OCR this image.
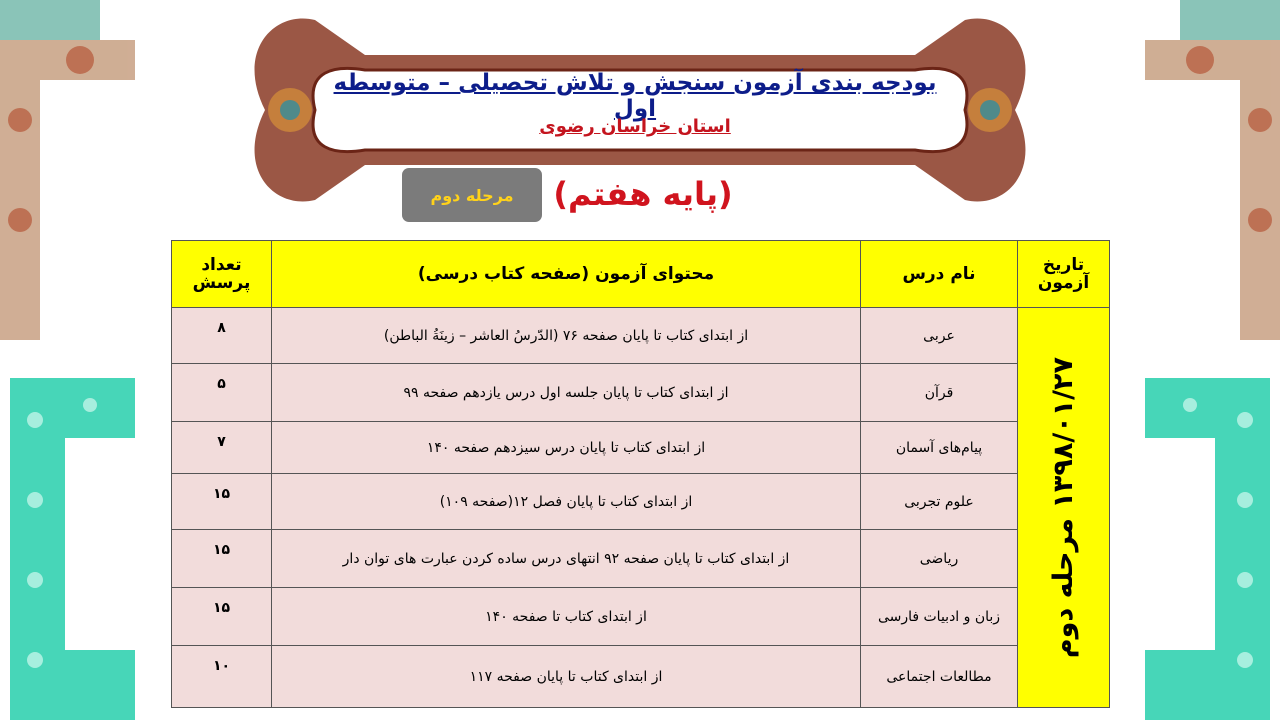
بودجه بندی آزمون سنجش و تلاش تحصیلی – متوسطه اول
استان خراسان رضوی
(پایه هفتم)
مرحله دوم
تاریخ آزمون	نام درس	محتوای آزمون (صفحه کتاب درسی)	تعداد پرسش

۱۳۹۸/۰۱/۲۷ مرحله دوم	عربی	از ابتدای کتاب تا پایان صفحه ۷۶ (الدّرسُ العاشر – زینَةُ الباطن)	۸
	قرآن	از ابتدای کتاب تا پایان جلسه اول درس یازدهم صفحه ۹۹	۵
	پیام‌های آسمان	از ابتدای کتاب تا پایان درس سیزدهم صفحه ۱۴۰	۷
	علوم تجربی	از ابتدای کتاب تا پایان فصل ۱۲(صفحه ۱۰۹)	۱۵
	ریاضی	از ابتدای کتاب تا پایان صفحه ۹۲ انتهای درس ساده کردن عبارت های توان دار	۱۵
	زبان و ادبیات فارسی	از ابتدای کتاب تا صفحه ۱۴۰	۱۵
	مطالعات اجتماعی	از ابتدای کتاب تا پایان صفحه ۱۱۷	۱۰
